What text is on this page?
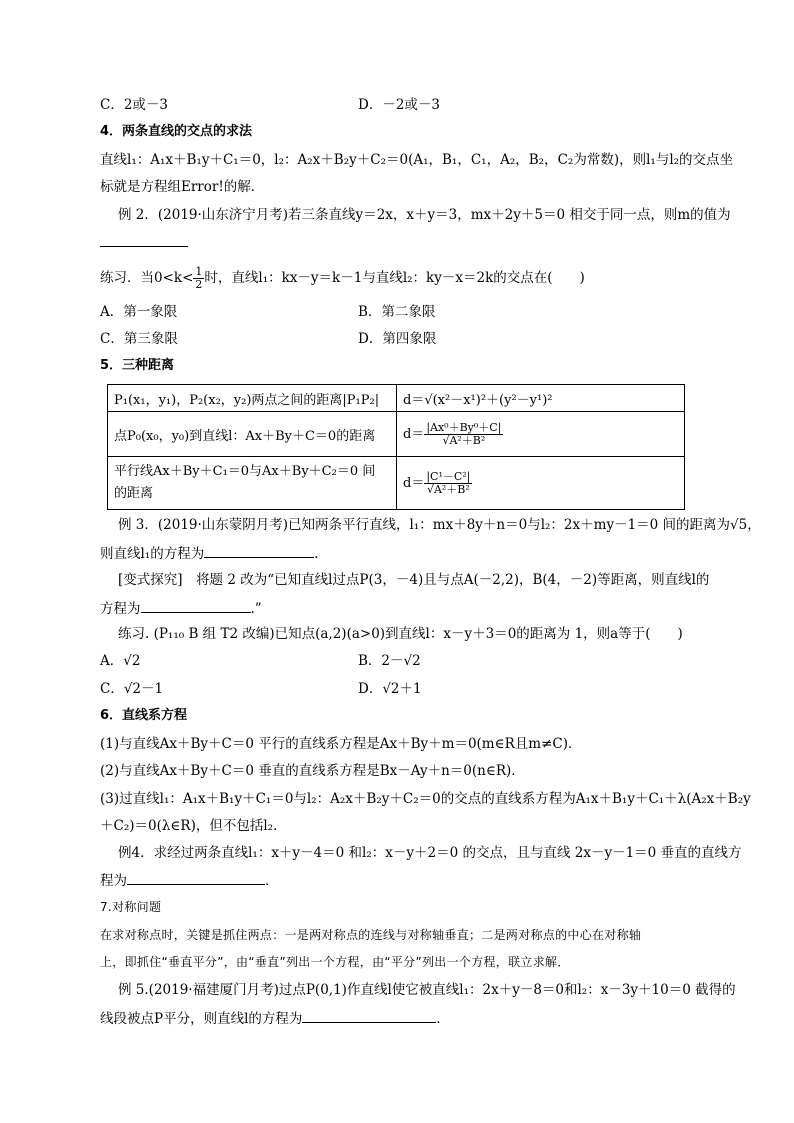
C．2或－3	D．－2或－3
4．两条直线的交点的求法
直线l₁：A₁x＋B₁y＋C₁＝0，l₂：A₂x＋B₂y＋C₂＝0(A₁，B₁，C₁，A₂，B₂，C₂为常数)，则l₁与l₂的交点坐
标就是方程组Error!的解．
例 2．(2019·山东济宁月考)若三条直线y＝2x，x＋y＝3，mx＋2y＋5＝0 相交于同一点，则m的值为
练习．当$0<k< \frac{1}{2}$ 时，直线l₁：kx－y＝k－1与直线l₂：ky－x＝2k的交点在(　　)
A．第一象限	B．第二象限
C．第三象限	D．第四象限
5．三种距离
P₁(x₁，y₁)，P₂(x₂，y₂)两点之间的距离|P₁P₂|	d＝√(x²－x¹)²＋(y²－y¹)²
点P₀(x₀，y₀)到直线l：Ax＋By＋C＝0的距离	$d= \frac{\text{|Ax⁰＋By⁰＋C|}}{\text{√A²＋B²}}$

平行线Ax＋By＋C₁＝0与Ax＋By＋C₂＝0 间
的距离	$d= \frac{\text{|C¹－C²|}}{\text{√A²＋B²}}$
例 3．(2019·山东蒙阴月考)已知两条平行直线，l₁：mx＋8y＋n＝0与l₂：2x＋my－1＝0 间的距离为√5，
则直线l₁的方程为	．
[变式探究]　将题 2 改为“已知直线l过点P(3，－4)且与点A(－2,2)，B(4，－2)等距离，则直线l的
方程为	.”
练习. (P₁₁₀ B 组 T2 改编)已知点(a,2)(a>0)到直线l：x－y＋3＝0的距离为 1，则a等于(　　)
A．√2	B．2－√2
C．√2－1	D．√2＋1
6．直线系方程
(1)与直线Ax＋By＋C＝0 平行的直线系方程是Ax＋By＋m＝0(m∈R且m≠C)．
(2)与直线Ax＋By＋C＝0 垂直的直线系方程是Bx－Ay＋n＝0(n∈R)．
(3)过直线l₁：A₁x＋B₁y＋C₁＝0与l₂：A₂x＋B₂y＋C₂＝0的交点的直线系方程为A₁x＋B₁y＋C₁＋λ(A₂x＋B₂y
＋C₂)＝0(λ∈R)，但不包括l₂．
例4．求经过两条直线l₁：x＋y－4＝0 和l₂：x－y＋2＝0 的交点，且与直线 2x－y－1＝0 垂直的直线方
程为	．
7.对称问题
在求对称点时，关键是抓住两点：一是两对称点的连线与对称轴垂直；二是两对称点的中心在对称轴
上，即抓住“垂直平分”，由“垂直”列出一个方程，由“平分”列出一个方程，联立求解．
例 5.(2019·福建厦门月考)过点P(0,1)作直线l使它被直线l₁：2x＋y－8＝0和l₂：x－3y＋10＝0 截得的
线段被点P平分，则直线l的方程为	．
